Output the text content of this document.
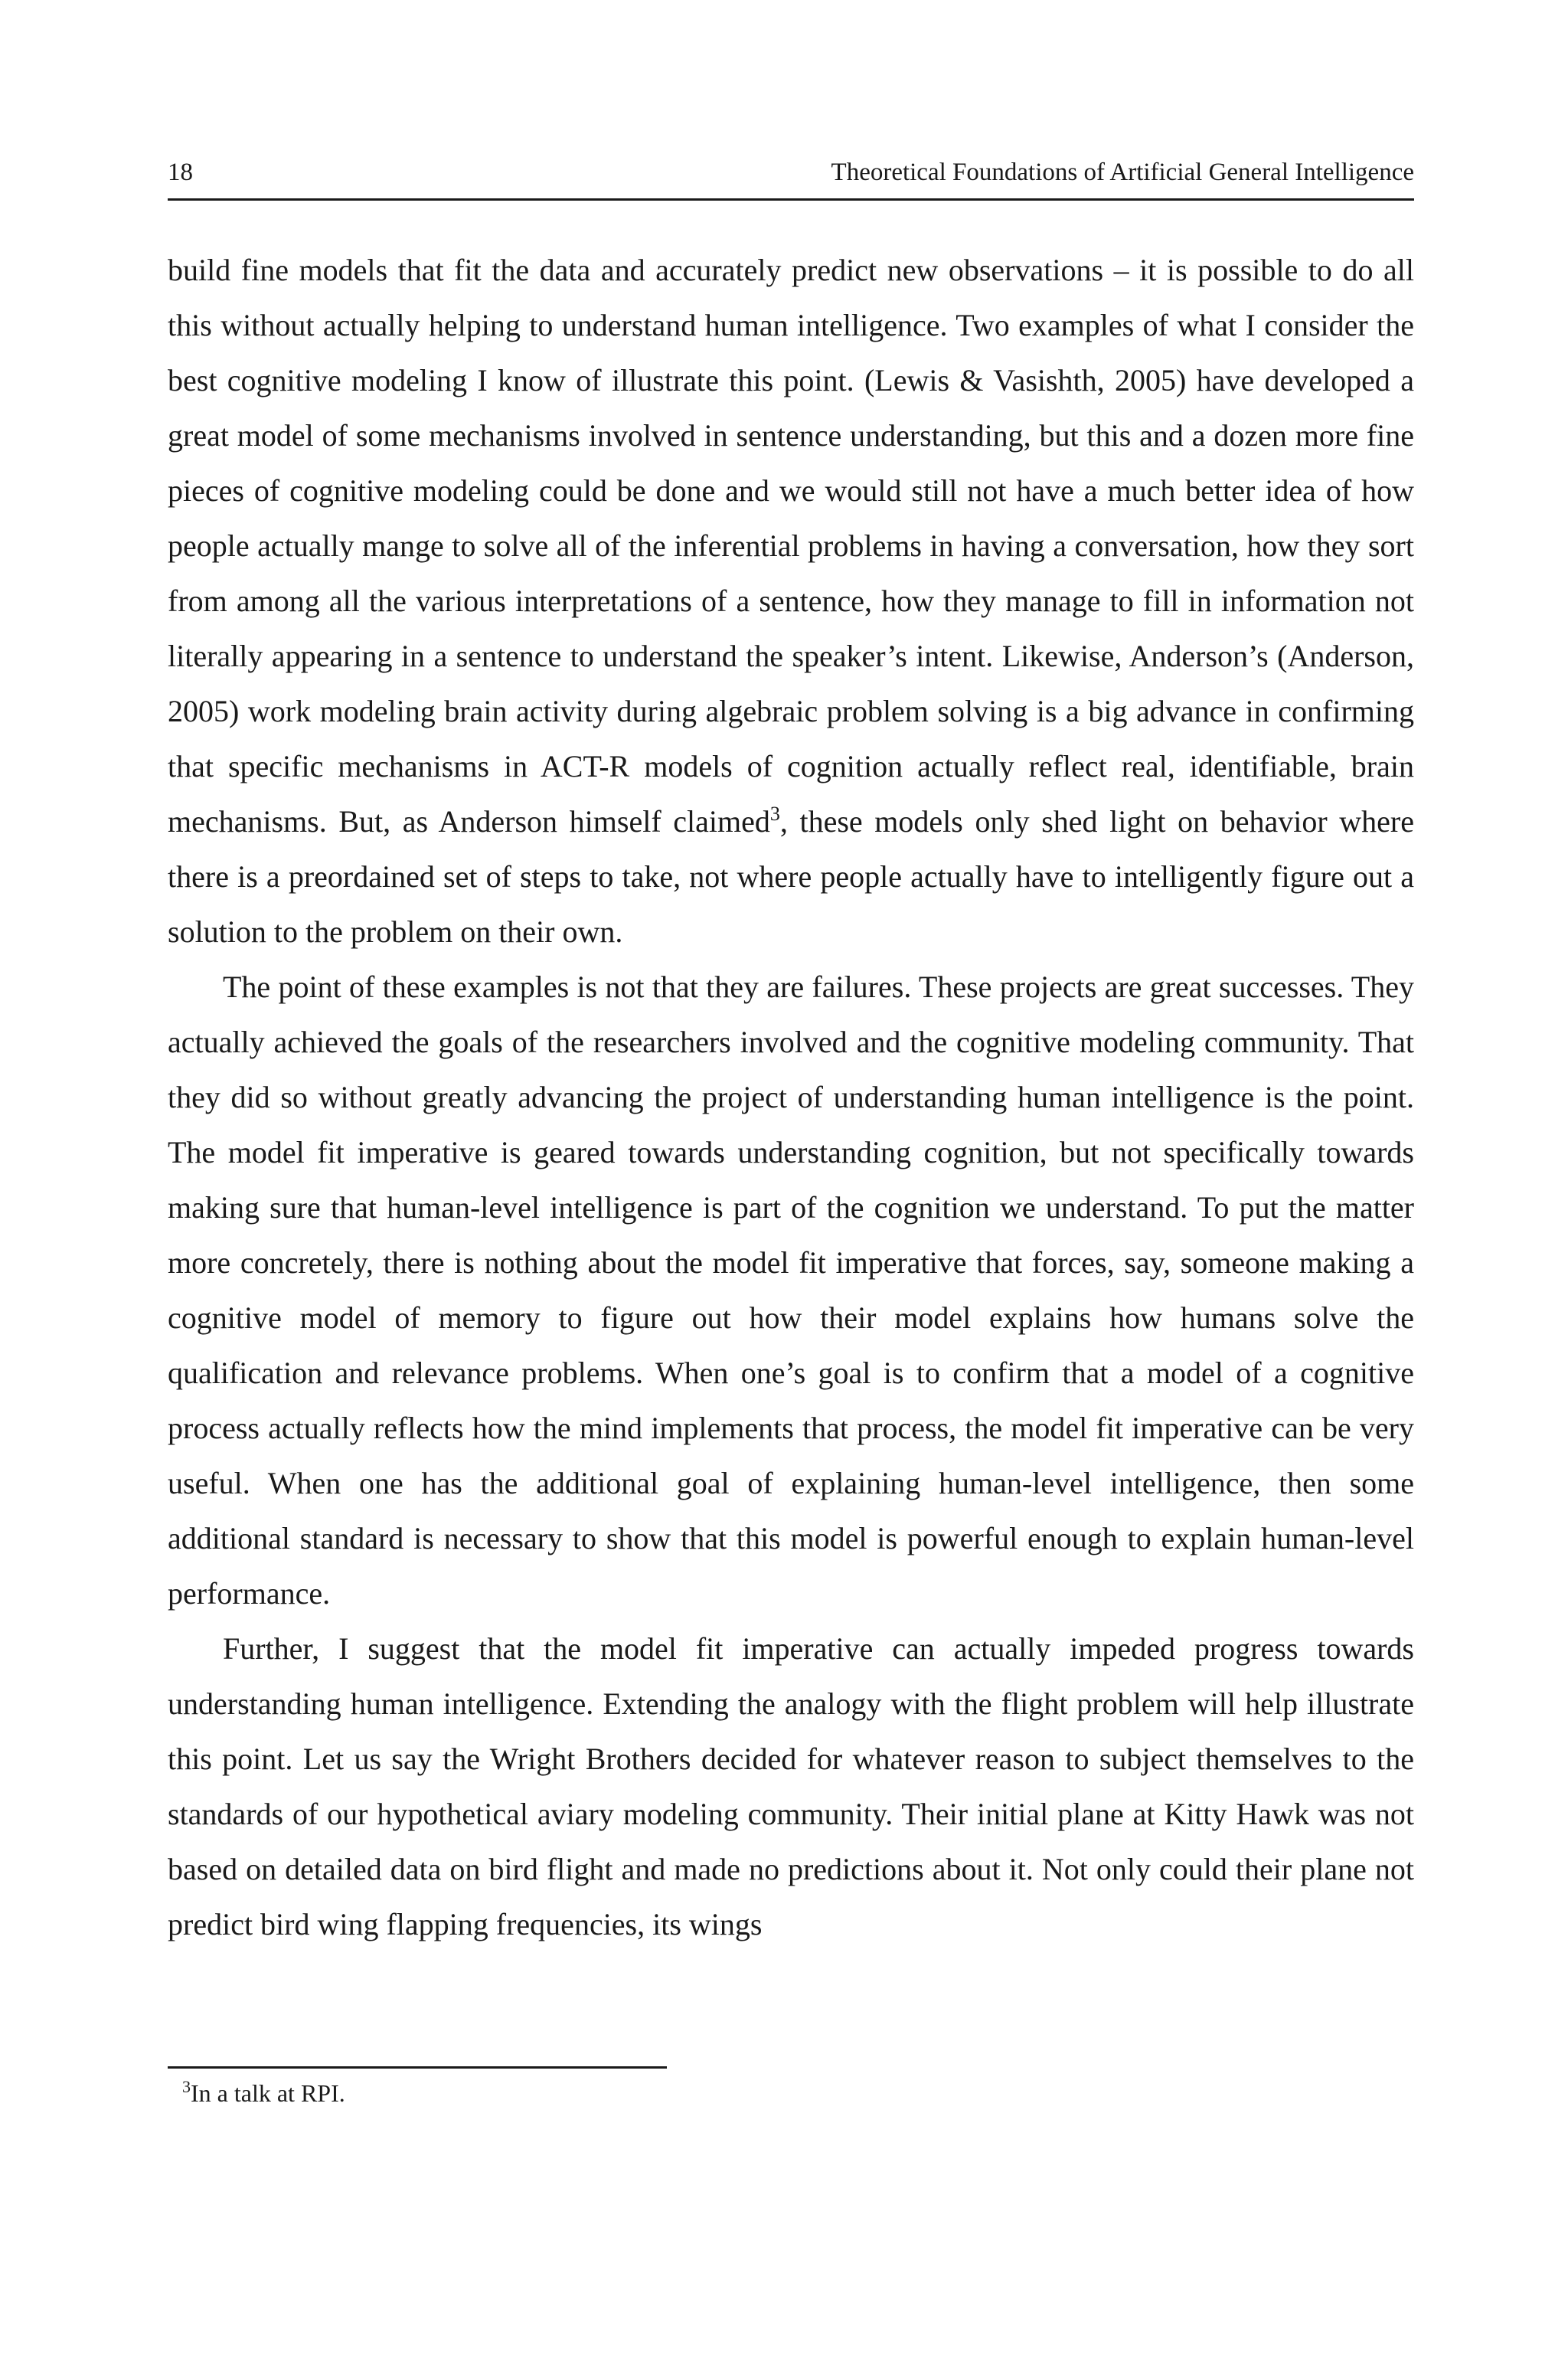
18	Theoretical Foundations of Artificial General Intelligence

build fine models that fit the data and accurately predict new observations – it is possible to do all this without actually helping to understand human intelligence. Two examples of what I consider the best cognitive modeling I know of illustrate this point. (Lewis & Vasishth, 2005) have developed a great model of some mechanisms involved in sentence understanding, but this and a dozen more fine pieces of cognitive modeling could be done and we would still not have a much better idea of how people actually mange to solve all of the inferential problems in having a conversation, how they sort from among all the various interpretations of a sentence, how they manage to fill in information not literally appearing in a sentence to understand the speaker’s intent. Likewise, Anderson’s (Anderson, 2005) work modeling brain activity during algebraic problem solving is a big advance in confirming that specific mechanisms in ACT-R models of cognition actually reflect real, identifiable, brain mechanisms. But, as Anderson himself claimed$^3$, these models only shed light on behavior where there is a preordained set of steps to take, not where people actually have to intelligently figure out a solution to the problem on their own.

The point of these examples is not that they are failures. These projects are great successes. They actually achieved the goals of the researchers involved and the cognitive modeling community. That they did so without greatly advancing the project of understanding human intelligence is the point. The model fit imperative is geared towards understanding cognition, but not specifically towards making sure that human-level intelligence is part of the cognition we understand. To put the matter more concretely, there is nothing about the model fit imperative that forces, say, someone making a cognitive model of memory to figure out how their model explains how humans solve the qualification and relevance problems. When one’s goal is to confirm that a model of a cognitive process actually reflects how the mind implements that process, the model fit imperative can be very useful. When one has the additional goal of explaining human-level intelligence, then some additional standard is necessary to show that this model is powerful enough to explain human-level performance.

Further, I suggest that the model fit imperative can actually impeded progress towards understanding human intelligence. Extending the analogy with the flight problem will help illustrate this point. Let us say the Wright Brothers decided for whatever reason to subject themselves to the standards of our hypothetical aviary modeling community. Their initial plane at Kitty Hawk was not based on detailed data on bird flight and made no predictions about it. Not only could their plane not predict bird wing flapping frequencies, its wings

$^3$In a talk at RPI.
